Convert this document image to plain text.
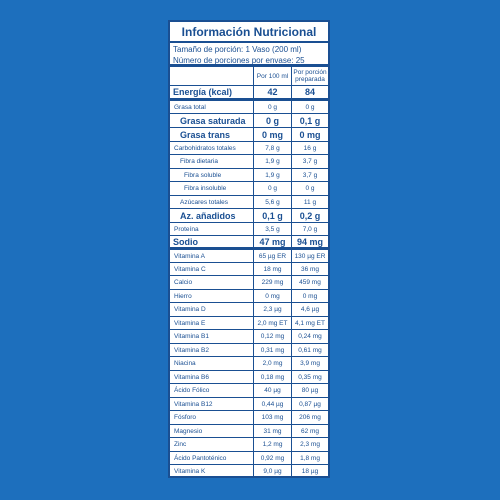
Información Nutricional
Tamaño de porción: 1 Vaso (200 ml)
Número de porciones por envase: 25
Por 100 ml Por porción preparada
Energía (kcal)	42	84
Grasa total	0 g	0 g
Grasa saturada	0 g	0,1 g
Grasa trans	0 mg	0 mg
Carbohidratos totales	7,8 g	16 g
Fibra dietaria	1,9 g	3,7 g
Fibra soluble	1,9 g	3,7 g
Fibra insoluble	0 g	0 g
Azúcares totales	5,6 g	11 g
Az. añadidos	0,1 g	0,2 g
Proteína	3,5 g	7,0 g
Sodio	47 mg	94 mg
Vitamina A	65 µg ER	130 µg ER
Vitamina C	18 mg	36 mg
Calcio	229 mg	459 mg
Hierro	0 mg	0 mg
Vitamina D	2,3 µg	4,6 µg
Vitamina E	2,0 mg ET	4,1 mg ET
Vitamina B1	0,12 mg	0,24 mg
Vitamina B2	0,31 mg	0,61 mg
Niacina	2,0 mg	3,9 mg
Vitamina B6	0,18 mg	0,35 mg
Ácido Fólico	40 µg	80 µg
Vitamina B12	0,44 µg	0,87 µg
Fósforo	103 mg	206 mg
Magnesio	31 mg	62 mg
Zinc	1,2 mg	2,3 mg
Ácido Pantoténico	0,92 mg	1,8 mg
Vitamina K	9,0 µg	18 µg
